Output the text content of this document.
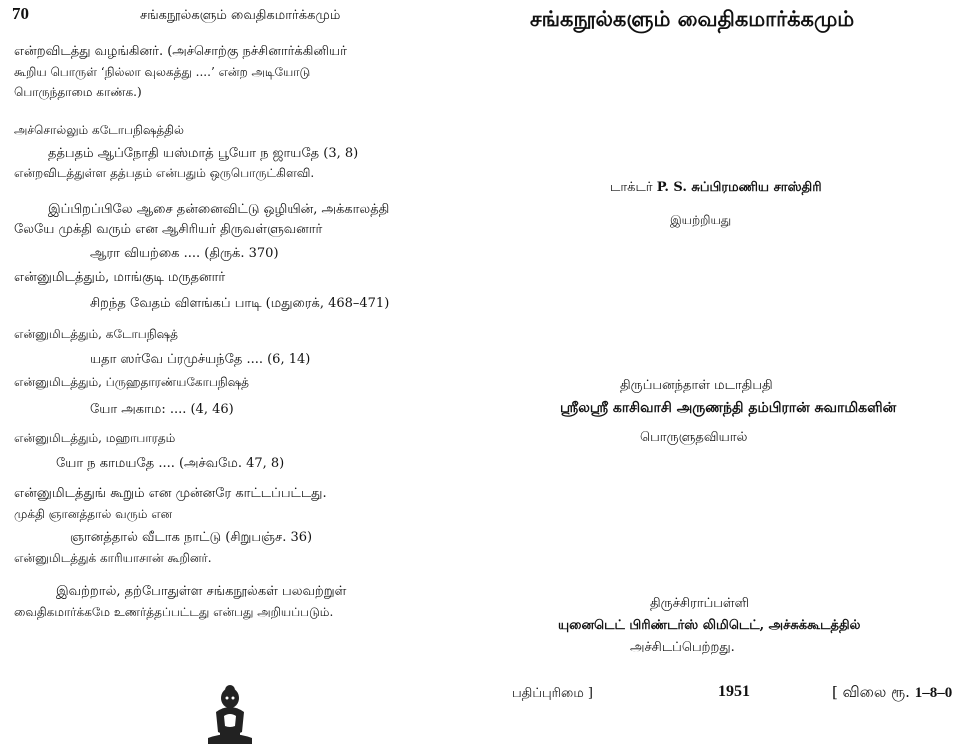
70	சங்கநூல்களும் வைதிகமார்க்கமும்
என்றவிடத்து வழங்கினர். (அச்சொற்கு நச்சினார்க்கினியர்
கூறிய பொருள் ‘நில்லா வுலகத்து ....’ என்ற அடியோடு
பொருந்தாமை காண்க.)
அச்சொல்லும் கடோபநிஷத்தில்
தத்பதம் ஆப்நோதி யஸ்மாத் பூயோ ந ஜாயதே (3, 8)
என்றவிடத்துள்ள தத்பதம் என்பதும் ஒருபொருட்கிளவி.
இப்பிறப்பிலே ஆசை தன்னைவிட்டு ஒழியின், அக்காலத்தி
லேயே முக்தி வரும் என ஆசிரியர் திருவள்ளுவனார்
ஆரா வியற்கை .... (திருக். 370)
என்னுமிடத்தும், மாங்குடி மருதனார்
சிறந்த வேதம் விளங்கப் பாடி (மதுரைக், 468–471)
என்னுமிடத்தும், கடோபநிஷத்
யதா ஸர்வே ப்ரமுச்யந்தே .... (6, 14)
என்னுமிடத்தும், ப்ருஹதாரண்யகோபநிஷத்
யோ அகாம: .... (4, 46)
என்னுமிடத்தும், மஹாபாரதம்
யோ ந காமயதே .... (அச்வமே. 47, 8)
என்னுமிடத்துங் கூறும் என முன்னரே காட்டப்பட்டது.
முக்தி ஞானத்தால் வரும் என
ஞானத்தால் வீடாக நாட்டு (சிறுபஞ்ச. 36)
என்னுமிடத்துக் காரியாசான் கூறினர்.
இவற்றால், தற்போதுள்ள சங்கநூல்கள் பலவற்றுள்
வைதிகமார்க்கமே உணர்த்தப்பட்டது என்பது அறியப்படும்.
சங்கநூல்களும் வைதிகமார்க்கமும்
டாக்டர் P. S. சுப்பிரமணிய சாஸ்திரி
இயற்றியது
திருப்பனந்தாள் மடாதிபதி
ஸ்ரீலஸ்ரீ காசிவாசி அருணந்தி தம்பிரான் சுவாமிகளின்
பொருளுதவியால்
திருச்சிராப்பள்ளி
யுனைடெட் பிரிண்டர்ஸ் லிமிடெட், அச்சுக்கூடத்தில்
அச்சிடப்பெற்றது.
பதிப்புரிமை ]	1951	[ விலை ரூ. 1–8–0
